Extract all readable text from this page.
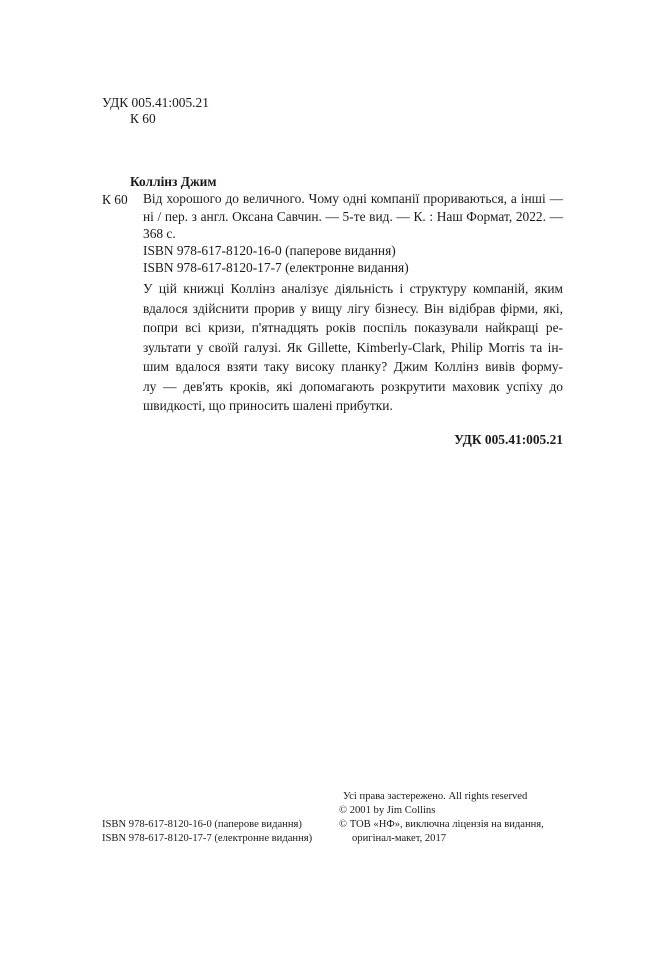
УДК 005.41:005.21
К 60
Коллінз Джим
К 60 Від хорошого до величного. Чому одні компанії прориваються, а інші —
ні / пер. з англ. Оксана Савчин. — 5-те вид. — К. : Наш Формат, 2022. —
368 с.
ISBN 978-617-8120-16-0 (паперове видання)
ISBN 978-617-8120-17-7 (електронне видання)
У цій книжці Коллінз аналізує діяльність і структуру компаній, яким
вдалося здійснити прорив у вищу лігу бізнесу. Він відібрав фірми, які,
попри всі кризи, п'ятнадцять років поспіль показували найкращі ре-
зультати у своїй галузі. Як Gillette, Kimberly-Clark, Philip Morris та ін-
шим вдалося взяти таку високу планку? Джим Коллінз вивів форму-
лу — дев'ять кроків, які допомагають розкрутити маховик успіху до
швидкості, що приносить шалені прибутки.
УДК 005.41:005.21
Усі права застережено. All rights reserved
© 2001 by Jim Collins
© ТОВ «НФ», виключна ліцензія на видання,
оригінал-макет, 2017
ISBN 978-617-8120-16-0 (паперове видання)
ISBN 978-617-8120-17-7 (електронне видання)
